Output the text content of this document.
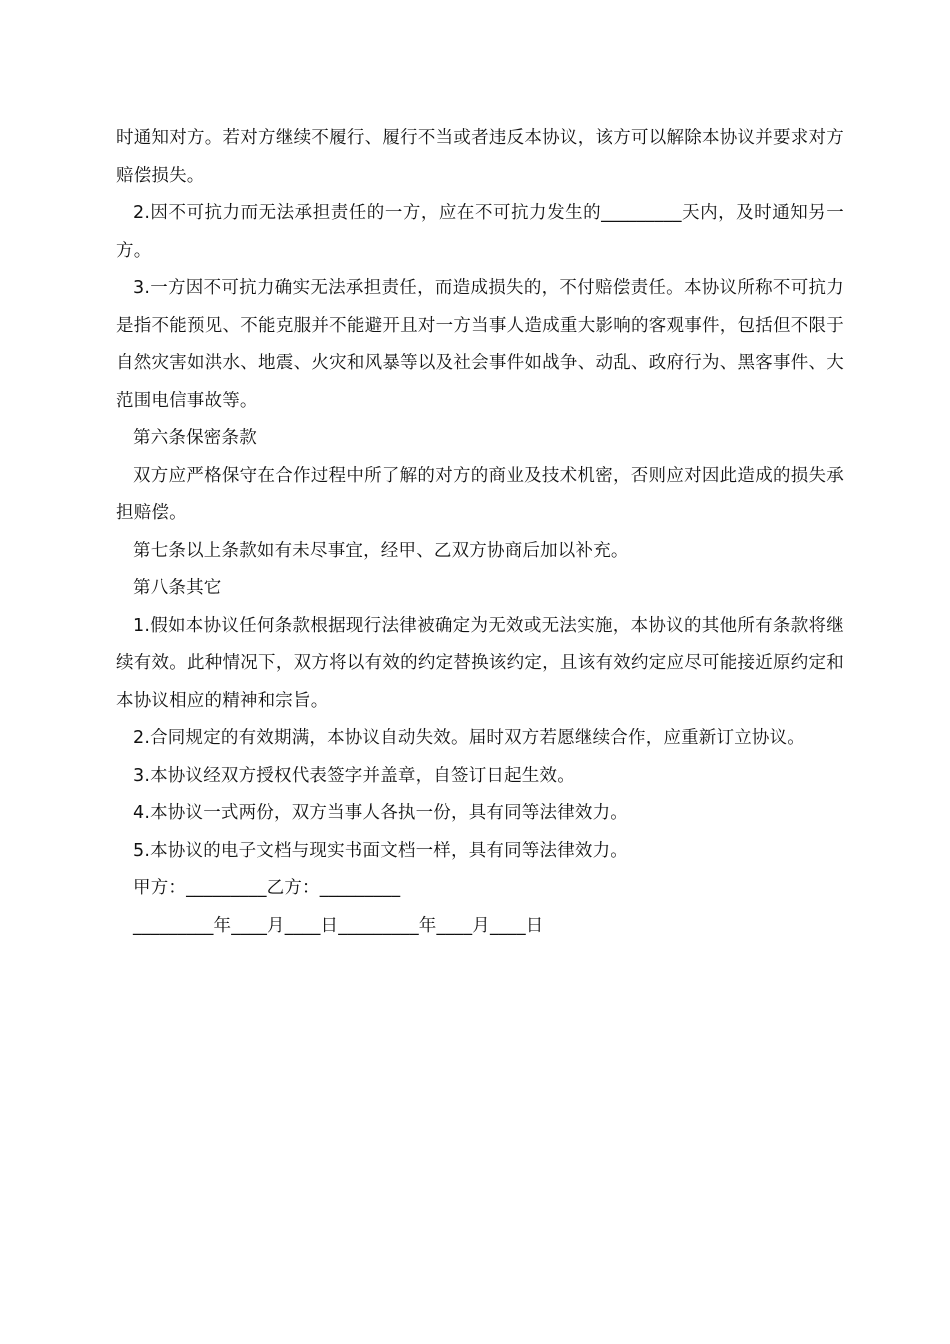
时通知对方。若对方继续不履行、履行不当或者违反本协议，该方可以解除本协议并要求对方赔偿损失。

2.因不可抗力而无法承担责任的一方，应在不可抗力发生的_________天内，及时通知另一方。

3.一方因不可抗力确实无法承担责任，而造成损失的，不付赔偿责任。本协议所称不可抗力是指不能预见、不能克服并不能避开且对一方当事人造成重大影响的客观事件，包括但不限于自然灾害如洪水、地震、火灾和风暴等以及社会事件如战争、动乱、政府行为、黑客事件、大范围电信事故等。

第六条保密条款

双方应严格保守在合作过程中所了解的对方的商业及技术机密，否则应对因此造成的损失承担赔偿。

第七条以上条款如有未尽事宜，经甲、乙双方协商后加以补充。

第八条其它

1.假如本协议任何条款根据现行法律被确定为无效或无法实施，本协议的其他所有条款将继续有效。此种情况下，双方将以有效的约定替换该约定，且该有效约定应尽可能接近原约定和本协议相应的精神和宗旨。

2.合同规定的有效期满，本协议自动失效。届时双方若愿继续合作，应重新订立协议。

3.本协议经双方授权代表签字并盖章，自签订日起生效。

4.本协议一式两份，双方当事人各执一份，具有同等法律效力。

5.本协议的电子文档与现实书面文档一样，具有同等法律效力。

甲方：_________乙方：_________

_________年____月____日_________年____月____日
